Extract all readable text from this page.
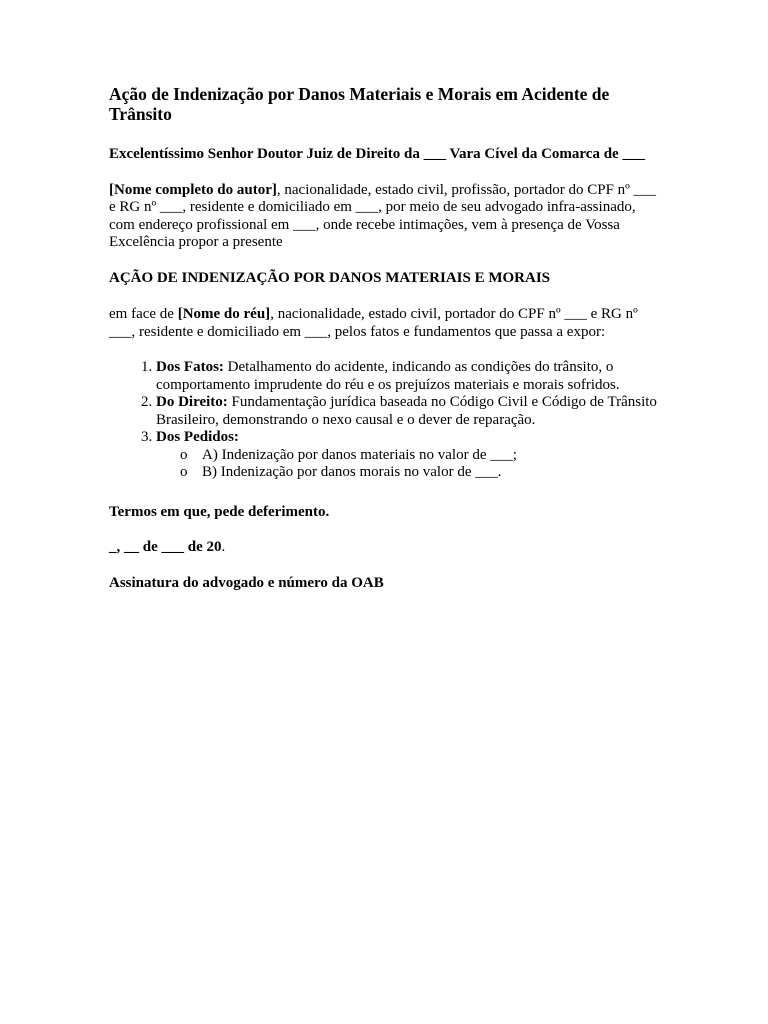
Ação de Indenização por Danos Materiais e Morais em Acidente de Trânsito

Excelentíssimo Senhor Doutor Juiz de Direito da ___ Vara Cível da Comarca de ___

[Nome completo do autor], nacionalidade, estado civil, profissão, portador do CPF nº ___ e RG nº ___, residente e domiciliado em ___, por meio de seu advogado infra-assinado, com endereço profissional em ___, onde recebe intimações, vem à presença de Vossa Excelência propor a presente

AÇÃO DE INDENIZAÇÃO POR DANOS MATERIAIS E MORAIS

em face de [Nome do réu], nacionalidade, estado civil, portador do CPF nº ___ e RG nº ___, residente e domiciliado em ___, pelos fatos e fundamentos que passa a expor:

1. Dos Fatos: Detalhamento do acidente, indicando as condições do trânsito, o comportamento imprudente do réu e os prejuízos materiais e morais sofridos.
2. Do Direito: Fundamentação jurídica baseada no Código Civil e Código de Trânsito Brasileiro, demonstrando o nexo causal e o dever de reparação.
3. Dos Pedidos:
o A) Indenização por danos materiais no valor de ___;
o B) Indenização por danos morais no valor de ___.

Termos em que, pede deferimento.

_, __ de ___ de 20.

Assinatura do advogado e número da OAB
